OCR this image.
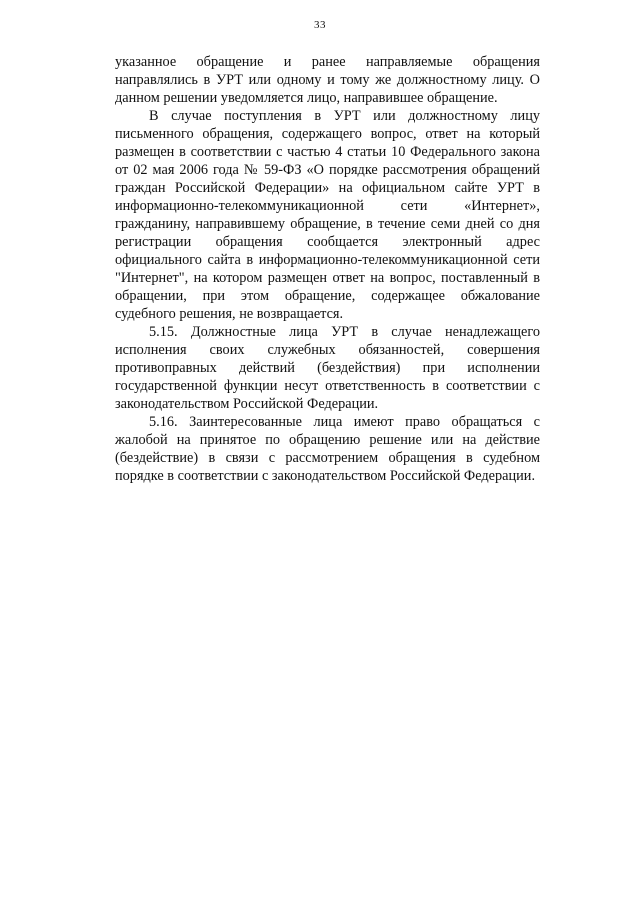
33

указанное обращение и ранее направляемые обращения направлялись в УРТ или одному и тому же должностному лицу. О данном решении уведомляется лицо, направившее обращение.

В случае поступления в УРТ или должностному лицу письменного обращения, содержащего вопрос, ответ на который размещен в соответствии с частью 4 статьи 10 Федерального закона от 02 мая 2006 года № 59-ФЗ «О порядке рассмотрения обращений граждан Российской Федерации» на официальном сайте УРТ в информационно-телекоммуникационной сети «Интернет», гражданину, направившему обращение, в течение семи дней со дня регистрации обращения сообщается электронный адрес официального сайта в информационно-телекоммуникационной сети "Интернет", на котором размещен ответ на вопрос, поставленный в обращении, при этом обращение, содержащее обжалование судебного решения, не возвращается.

5.15. Должностные лица УРТ в случае ненадлежащего исполнения своих служебных обязанностей, совершения противоправных действий (бездействия) при исполнении государственной функции несут ответственность в соответствии с законодательством Российской Федерации.

5.16. Заинтересованные лица имеют право обращаться с жалобой на принятое по обращению решение или на действие (бездействие) в связи с рассмотрением обращения в судебном порядке в соответствии с законодательством Российской Федерации.
